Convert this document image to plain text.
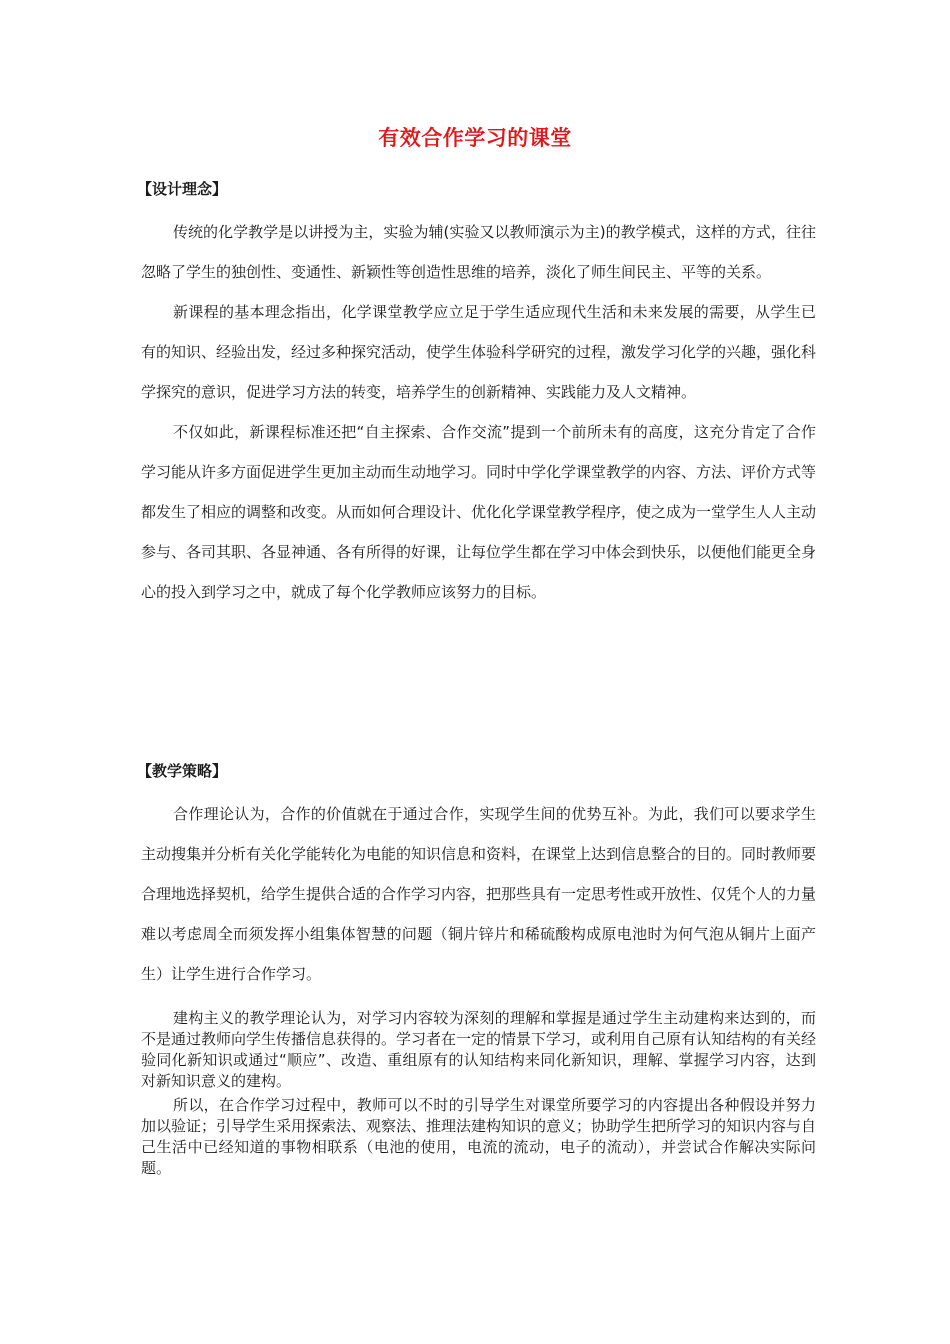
有效合作学习的课堂

【设计理念】

传统的化学教学是以讲授为主，实验为辅(实验又以教师演示为主)的教学模式，这样的方式，往往忽略了学生的独创性、变通性、新颖性等创造性思维的培养，淡化了师生间民主、平等的关系。

新课程的基本理念指出，化学课堂教学应立足于学生适应现代生活和未来发展的需要，从学生已有的知识、经验出发，经过多种探究活动，使学生体验科学研究的过程，激发学习化学的兴趣，强化科学探究的意识，促进学习方法的转变，培养学生的创新精神、实践能力及人文精神。

不仅如此，新课程标准还把“自主探索、合作交流”提到一个前所未有的高度，这充分肯定了合作学习能从许多方面促进学生更加主动而生动地学习。同时中学化学课堂教学的内容、方法、评价方式等都发生了相应的调整和改变。从而如何合理设计、优化化学课堂教学程序，使之成为一堂学生人人主动参与、各司其职、各显神通、各有所得的好课，让每位学生都在学习中体会到快乐，以便他们能更全身心的投入到学习之中，就成了每个化学教师应该努力的目标。

【教学策略】

合作理论认为，合作的价值就在于通过合作，实现学生间的优势互补。为此，我们可以要求学生主动搜集并分析有关化学能转化为电能的知识信息和资料，在课堂上达到信息整合的目的。同时教师要合理地选择契机，给学生提供合适的合作学习内容，把那些具有一定思考性或开放性、仅凭个人的力量难以考虑周全而须发挥小组集体智慧的问题（铜片锌片和稀硫酸构成原电池时为何气泡从铜片上面产生）让学生进行合作学习。

建构主义的教学理论认为，对学习内容较为深刻的理解和掌握是通过学生主动建构来达到的，而不是通过教师向学生传播信息获得的。学习者在一定的情景下学习，或利用自己原有认知结构的有关经验同化新知识或通过“顺应”、改造、重组原有的认知结构来同化新知识，理解、掌握学习内容，达到对新知识意义的建构。

所以，在合作学习过程中，教师可以不时的引导学生对课堂所要学习的内容提出各种假设并努力加以验证；引导学生采用探索法、观察法、推理法建构知识的意义；协助学生把所学习的知识内容与自己生活中已经知道的事物相联系（电池的使用，电流的流动，电子的流动），并尝试合作解决实际问题。
